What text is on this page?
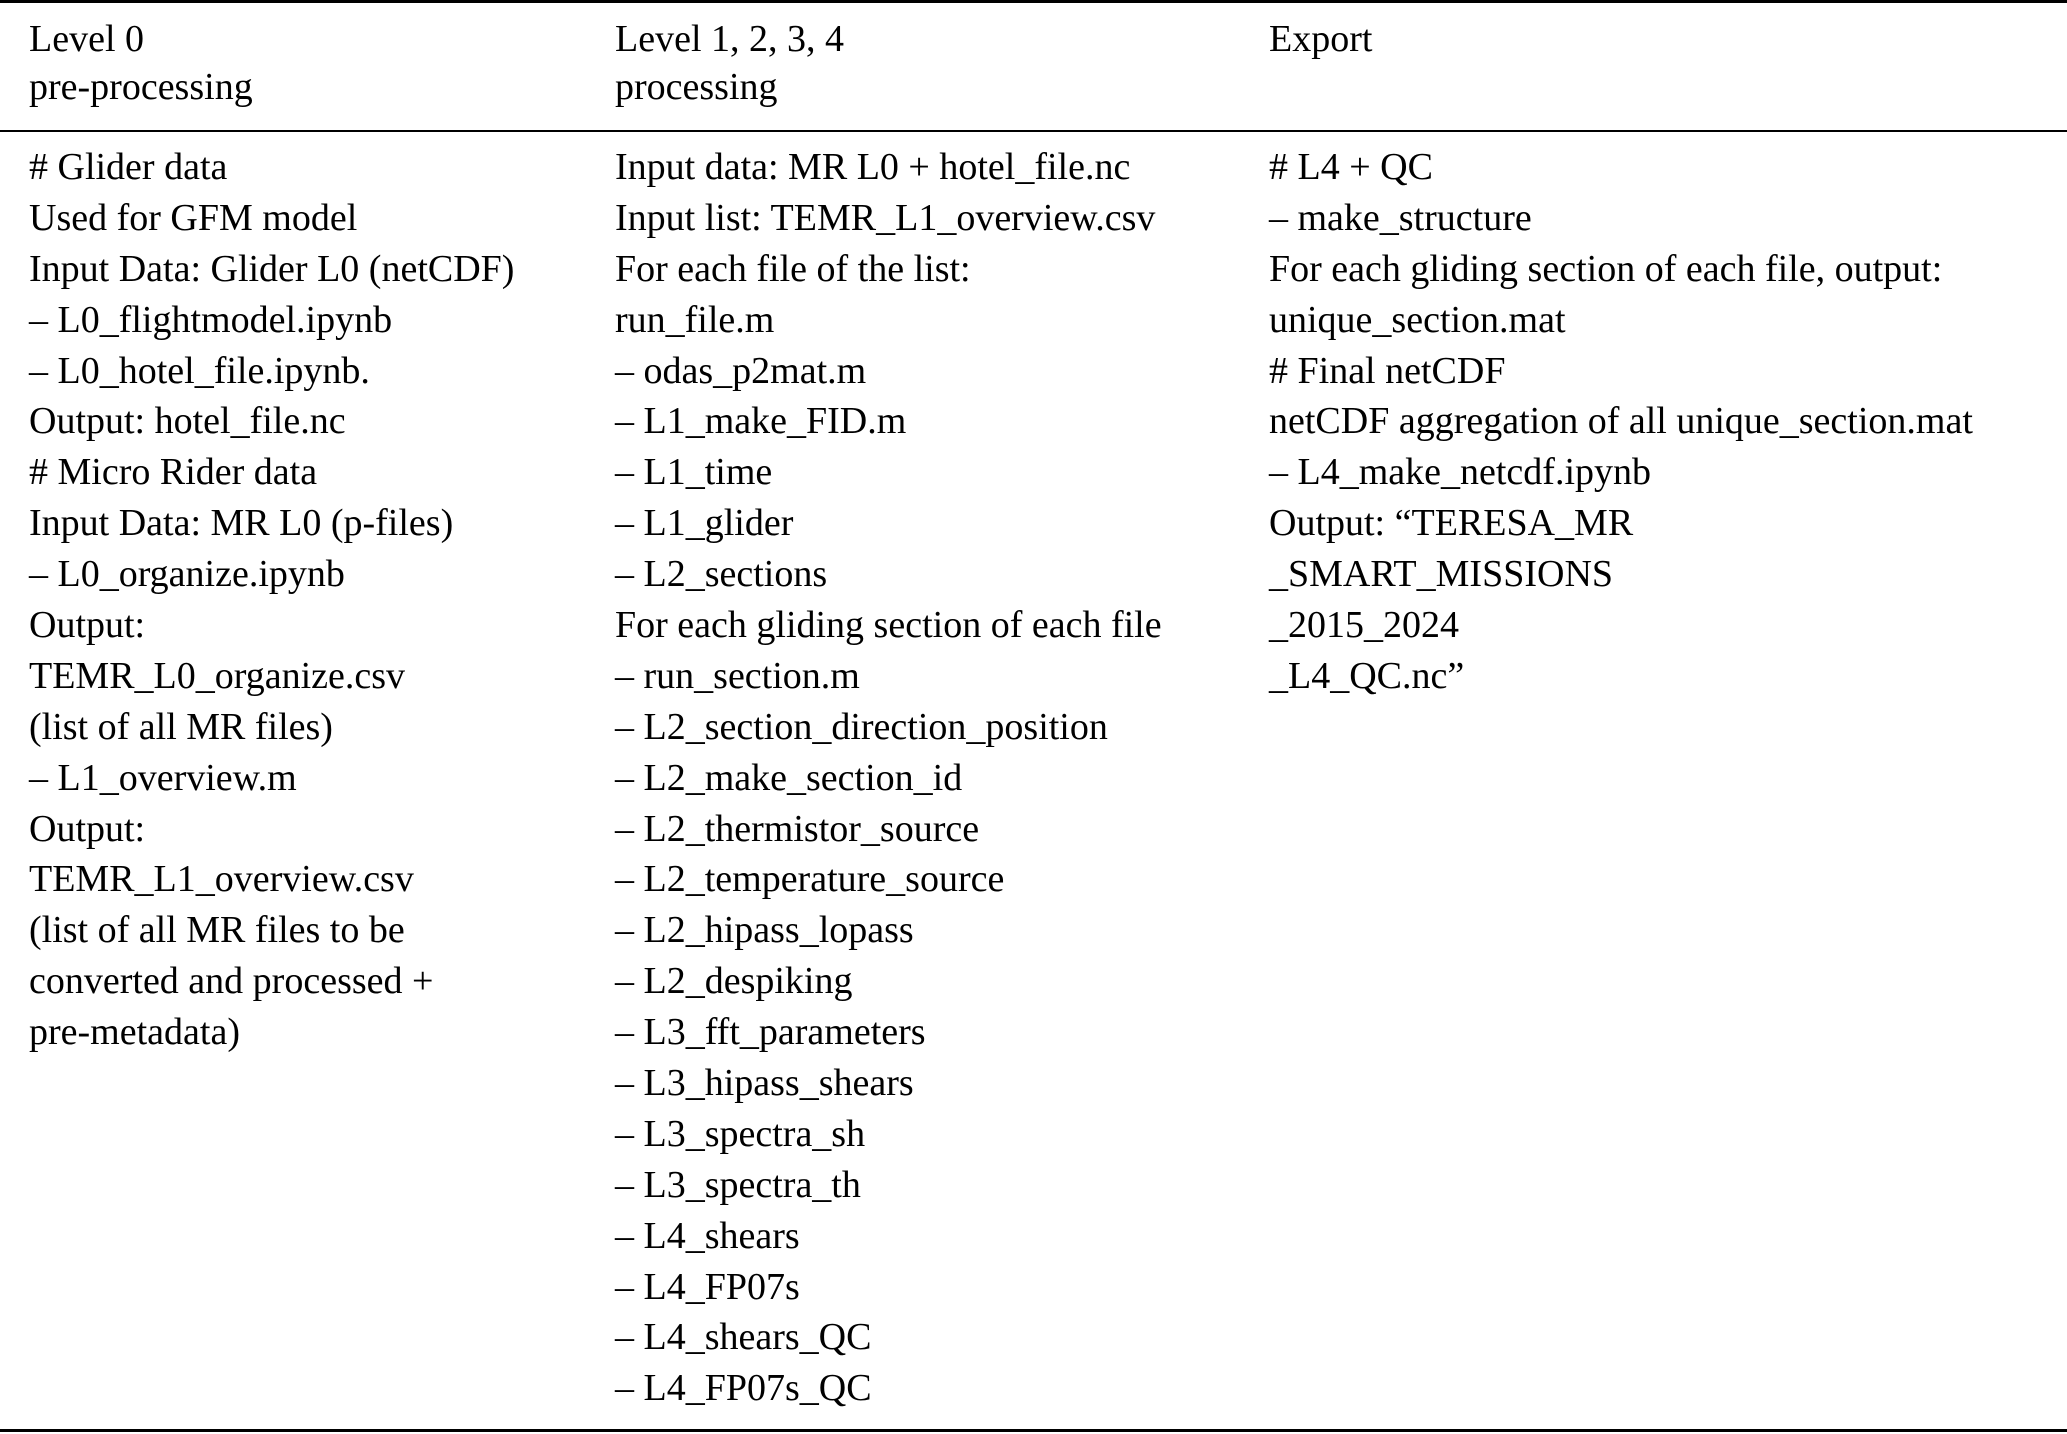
Level 0
pre-processing
Level 1, 2, 3, 4
processing
Export
# Glider data
Used for GFM model
Input Data: Glider L0 (netCDF)
– L0_flightmodel.ipynb
– L0_hotel_file.ipynb.
Output: hotel_file.nc
# Micro Rider data
Input Data: MR L0 (p-files)
– L0_organize.ipynb
Output:
TEMR_L0_organize.csv
(list of all MR files)
– L1_overview.m
Output:
TEMR_L1_overview.csv
(list of all MR files to be
converted and processed +
pre-metadata)
Input data: MR L0 + hotel_file.nc
Input list: TEMR_L1_overview.csv
For each file of the list:
run_file.m
– odas_p2mat.m
– L1_make_FID.m
– L1_time
– L1_glider
– L2_sections
For each gliding section of each file
– run_section.m
– L2_section_direction_position
– L2_make_section_id
– L2_thermistor_source
– L2_temperature_source
– L2_hipass_lopass
– L2_despiking
– L3_fft_parameters
– L3_hipass_shears
– L3_spectra_sh
– L3_spectra_th
– L4_shears
– L4_FP07s
– L4_shears_QC
– L4_FP07s_QC
# L4 + QC
– make_structure
For each gliding section of each file, output:
unique_section.mat
# Final netCDF
netCDF aggregation of all unique_section.mat
– L4_make_netcdf.ipynb
Output: “TERESA_MR
_SMART_MISSIONS
_2015_2024
_L4_QC.nc”
